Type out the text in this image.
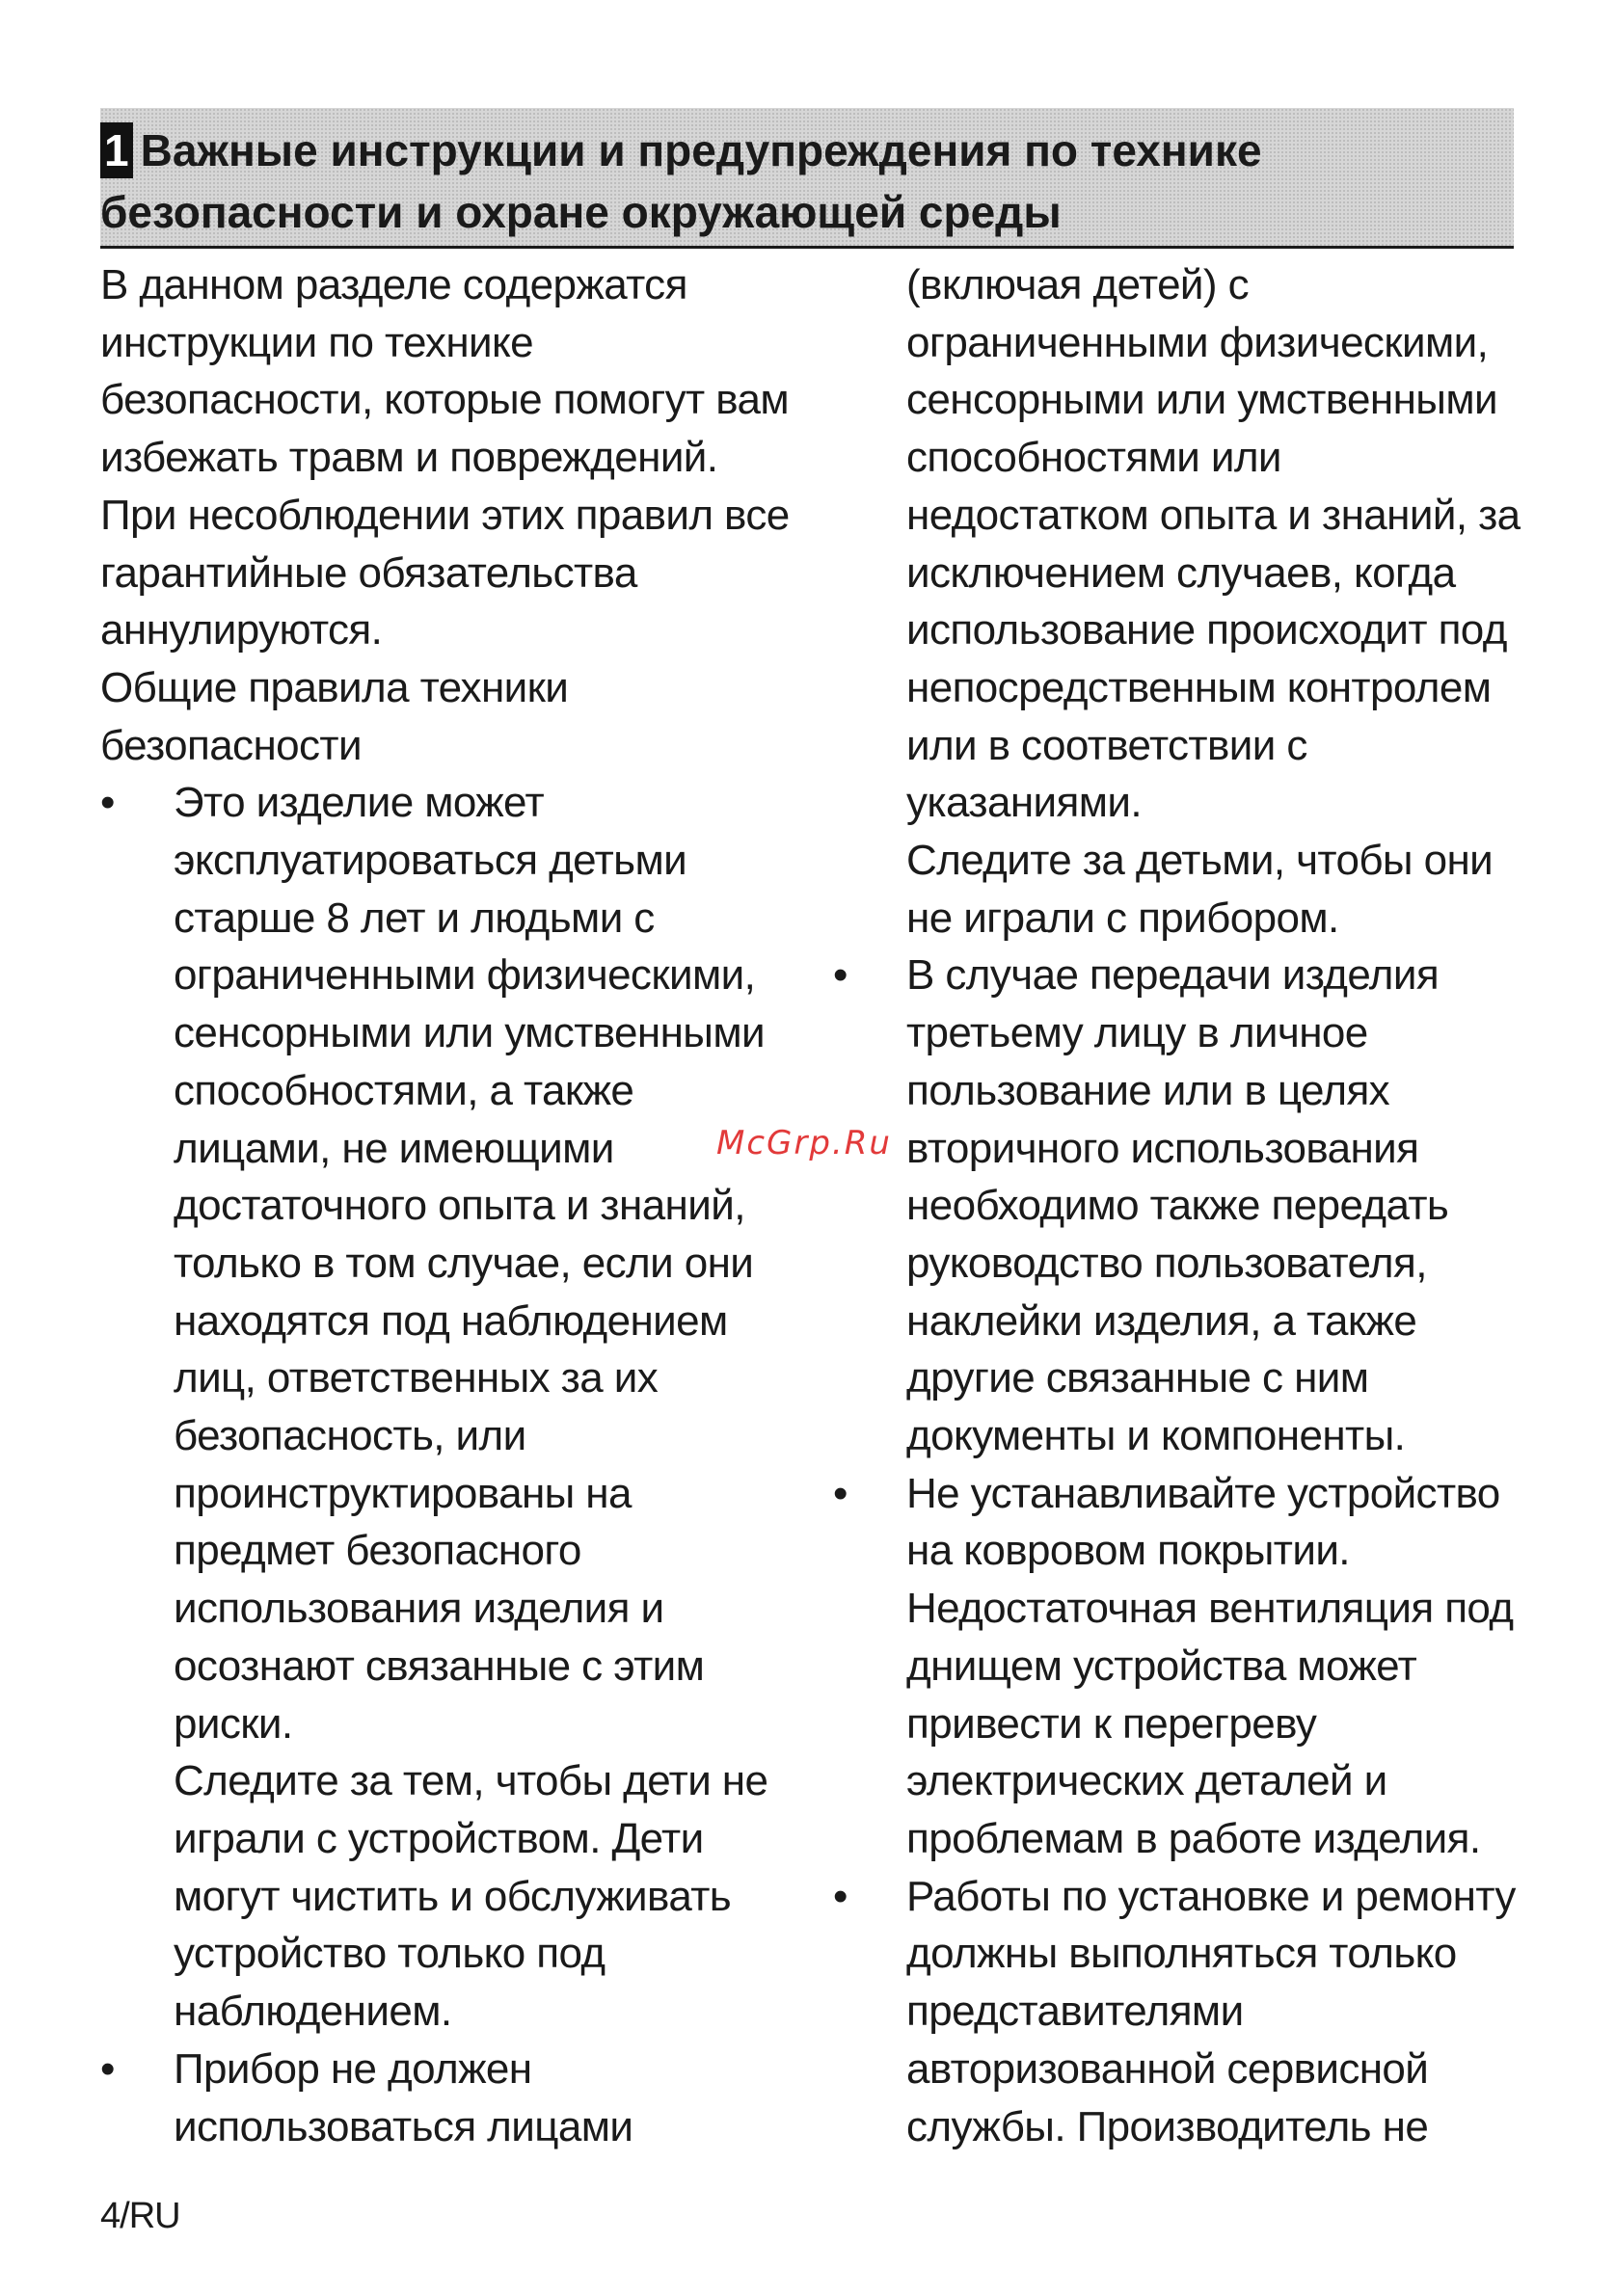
1 Важные инструкции и предупреждения по технике безопасности и охране окружающей среды

В данном разделе содержатся инструкции по технике безопасности, которые помогут вам избежать травм и повреждений. При несоблюдении этих правил все гарантийные обязательства аннулируются.

Общие правила техники безопасности

• Это изделие может эксплуатироваться детьми старше 8 лет и людьми с ограниченными физическими, сенсорными или умственными способностями, а также лицами, не имеющими достаточного опыта и знаний, только в том случае, если они находятся под наблюдением лиц, ответственных за их безопасность, или проинструктированы на предмет безопасного использования изделия и осознают связанные с этим риски.

Следите за тем, чтобы дети не играли с устройством. Дети могут чистить и обслуживать устройство только под наблюдением.

• Прибор не должен использоваться лицами

(включая детей) с ограниченными физическими, сенсорными или умственными способностями или недостатком опыта и знаний, за исключением случаев, когда использование происходит под непосредственным контролем или в соответствии с указаниями.

Следите за детьми, чтобы они не играли с прибором.

• В случае передачи изделия третьему лицу в личное пользование или в целях вторичного использования необходимо также передать руководство пользователя, наклейки изделия, а также другие связанные с ним документы и компоненты.

• Не устанавливайте устройство на ковровом покрытии. Недостаточная вентиляция под днищем устройства может привести к перегреву электрических деталей и проблемам в работе изделия.

• Работы по установке и ремонту должны выполняться только представителями авторизованной сервисной службы. Производитель не

McGrp.Ru
4/RU
